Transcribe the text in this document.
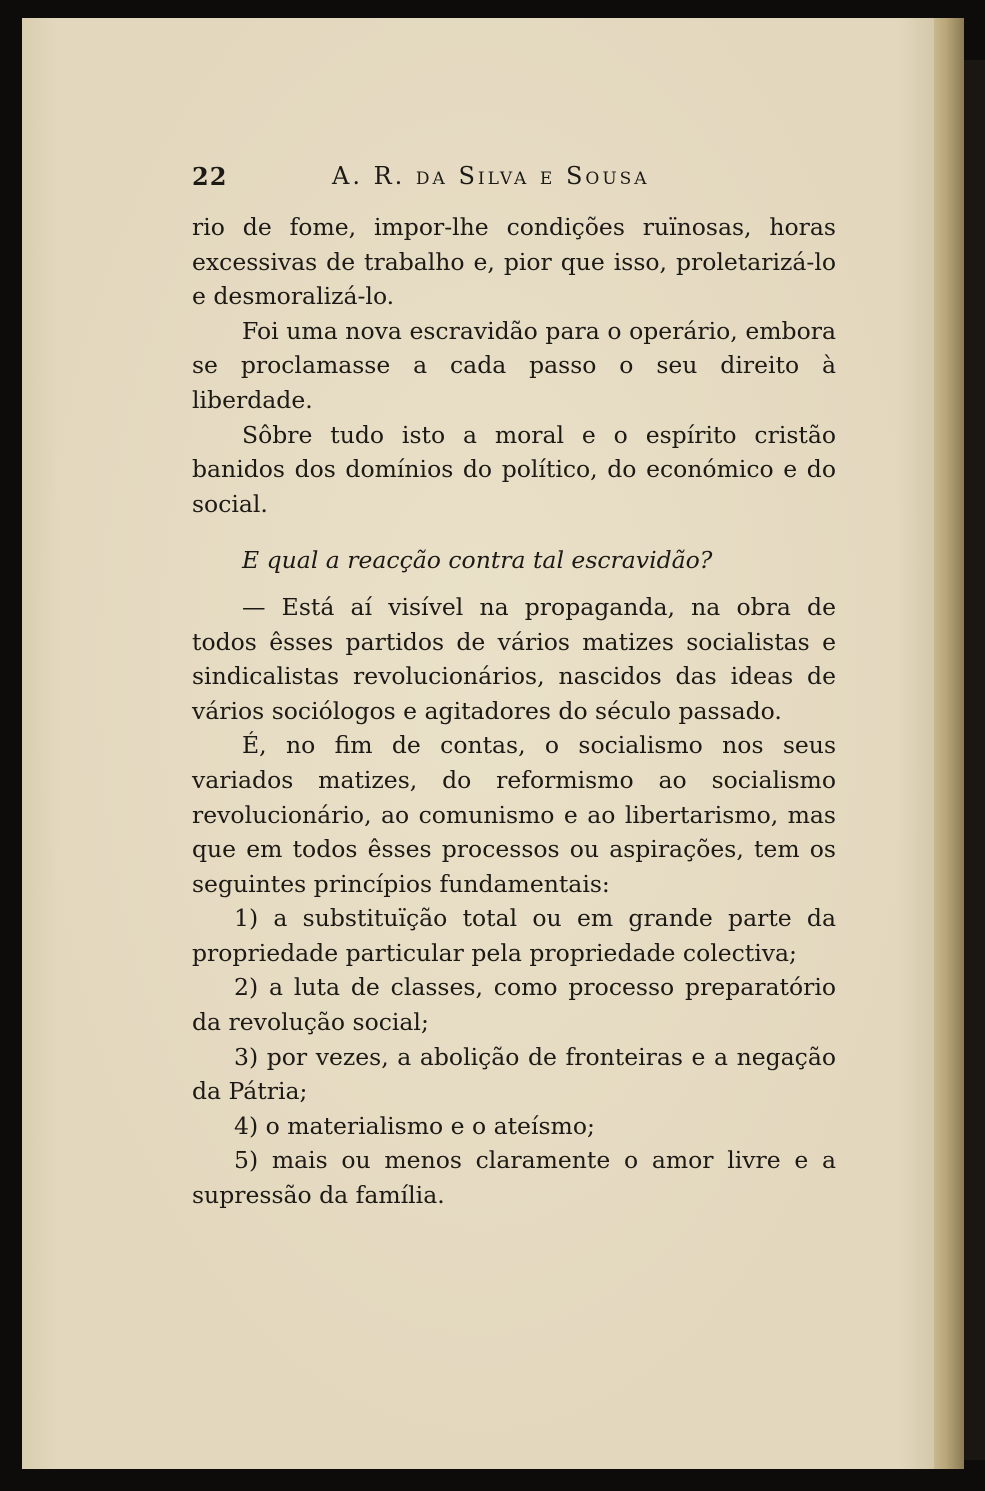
22	A. R. da Silva e Sousa

rio de fome, impor-lhe condições ruïnosas, horas excessivas de trabalho e, pior que isso, proletarizá-lo e desmoralizá-lo.

Foi uma nova escravidão para o operário, embora se proclamasse a cada passo o seu direito à liberdade.

Sôbre tudo isto a moral e o espírito cristão banidos dos domínios do político, do económico e do social.

E qual a reacção contra tal escravidão?

— Está aí visível na propaganda, na obra de todos êsses partidos de vários matizes socialistas e sindicalistas revolucionários, nascidos das ideas de vários sociólogos e agitadores do século passado.

É, no fim de contas, o socialismo nos seus variados matizes, do reformismo ao socialismo revolucionário, ao comunismo e ao libertarismo, mas que em todos êsses processos ou aspirações, tem os seguintes princípios fundamentais:

1) a substituïção total ou em grande parte da propriedade particular pela propriedade colectiva;

2) a luta de classes, como processo preparatório da revolução social;

3) por vezes, a abolição de fronteiras e a negação da Pátria;

4) o materialismo e o ateísmo;

5) mais ou menos claramente o amor livre e a supressão da família.
